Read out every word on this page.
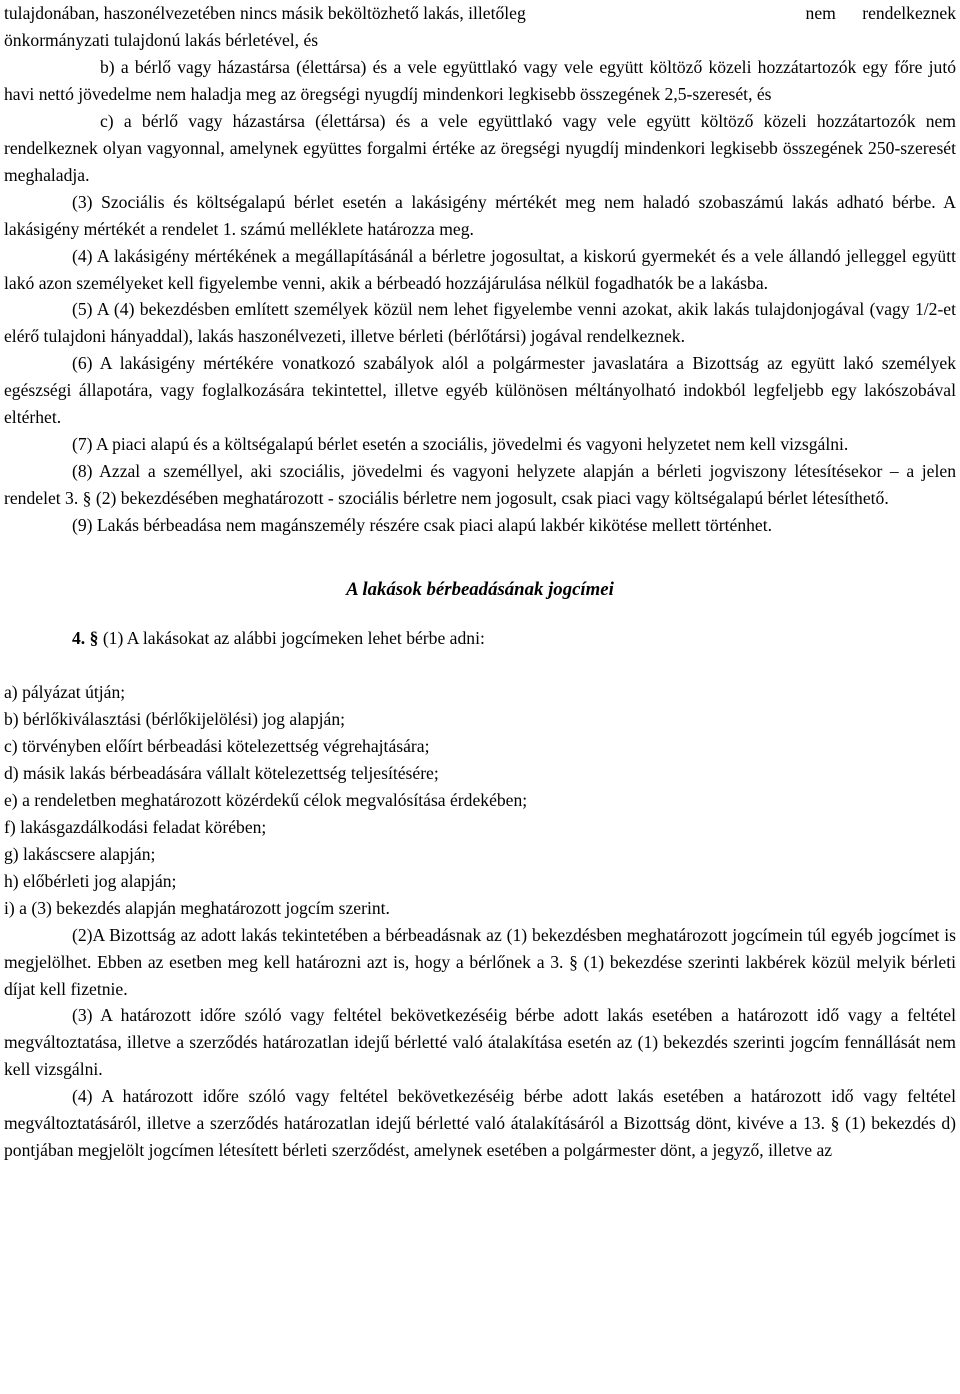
tulajdonában, haszonélvezetében nincs másik beköltözhető lakás, illetőleg	nem      rendelkeznek

önkormányzati tulajdonú lakás bérletével, és

b) a bérlő vagy házastársa (élettársa) és a vele együttlakó vagy vele együtt költöző közeli hozzátartozók egy főre jutó havi nettó jövedelme nem haladja meg az öregségi nyugdíj mindenkori legkisebb összegének 2,5-szeresét, és

c) a bérlő vagy házastársa (élettársa) és a vele együttlakó vagy vele együtt költöző közeli hozzátartozók nem rendelkeznek olyan vagyonnal, amelynek együttes forgalmi értéke az öregségi nyugdíj mindenkori legkisebb összegének 250-szeresét meghaladja.

(3) Szociális és költségalapú bérlet esetén a lakásigény mértékét meg nem haladó szobaszámú lakás adható bérbe. A lakásigény mértékét a rendelet 1. számú melléklete határozza meg.

(4) A lakásigény mértékének a megállapításánál a bérletre jogosultat, a kiskorú gyermekét és a vele állandó jelleggel együtt lakó azon személyeket kell figyelembe venni, akik a bérbeadó hozzájárulása nélkül fogadhatók be a lakásba.

(5) A (4) bekezdésben említett személyek közül nem lehet figyelembe venni azokat, akik lakás tulajdonjogával (vagy 1/2-et elérő tulajdoni hányaddal), lakás haszonélvezeti, illetve bérleti (bérlőtársi) jogával rendelkeznek.

(6) A lakásigény mértékére vonatkozó szabályok alól a polgármester javaslatára a Bizottság az együtt lakó személyek egészségi állapotára, vagy foglalkozására tekintettel, illetve egyéb különösen méltányolható indokból legfeljebb egy lakószobával eltérhet.

(7) A piaci alapú és a költségalapú bérlet esetén a szociális, jövedelmi és vagyoni helyzetet nem kell vizsgálni.

(8) Azzal a személlyel, aki szociális, jövedelmi és vagyoni helyzete alapján a bérleti jogviszony létesítésekor – a jelen rendelet 3. § (2) bekezdésében meghatározott - szociális bérletre nem jogosult, csak piaci vagy költségalapú bérlet létesíthető.

(9) Lakás bérbeadása nem magánszemély részére csak piaci alapú lakbér kikötése mellett történhet.

A lakások bérbeadásának jogcímei
4. § (1) A lakásokat az alábbi jogcímeken lehet bérbe adni:
a) pályázat útján;
b) bérlőkiválasztási (bérlőkijelölési) jog alapján;
c) törvényben előírt bérbeadási kötelezettség végrehajtására;
d) másik lakás bérbeadására vállalt kötelezettség teljesítésére;
e) a rendeletben meghatározott közérdekű célok megvalósítása érdekében;
f) lakásgazdálkodási feladat körében;
g) lakáscsere alapján;
h) előbérleti jog alapján;
i) a (3) bekezdés alapján meghatározott jogcím szerint.

(2)A Bizottság az adott lakás tekintetében a bérbeadásnak az (1) bekezdésben meghatározott jogcímein túl egyéb jogcímet is megjelölhet. Ebben az esetben meg kell határozni azt is, hogy a bérlőnek a 3. § (1) bekezdése szerinti lakbérek közül melyik bérleti díjat kell fizetnie.

(3) A határozott időre szóló vagy feltétel bekövetkezéséig bérbe adott lakás esetében a határozott idő vagy a feltétel megváltoztatása, illetve a szerződés határozatlan idejű bérletté való átalakítása esetén az (1) bekezdés szerinti jogcím fennállását nem kell vizsgálni.

(4) A határozott időre szóló vagy feltétel bekövetkezéséig bérbe adott lakás esetében a határozott idő vagy feltétel megváltoztatásáról, illetve a szerződés határozatlan idejű bérletté való átalakításáról a Bizottság dönt, kivéve a 13. § (1) bekezdés d) pontjában megjelölt jogcímen létesített bérleti szerződést, amelynek esetében a polgármester dönt, a jegyző, illetve az
